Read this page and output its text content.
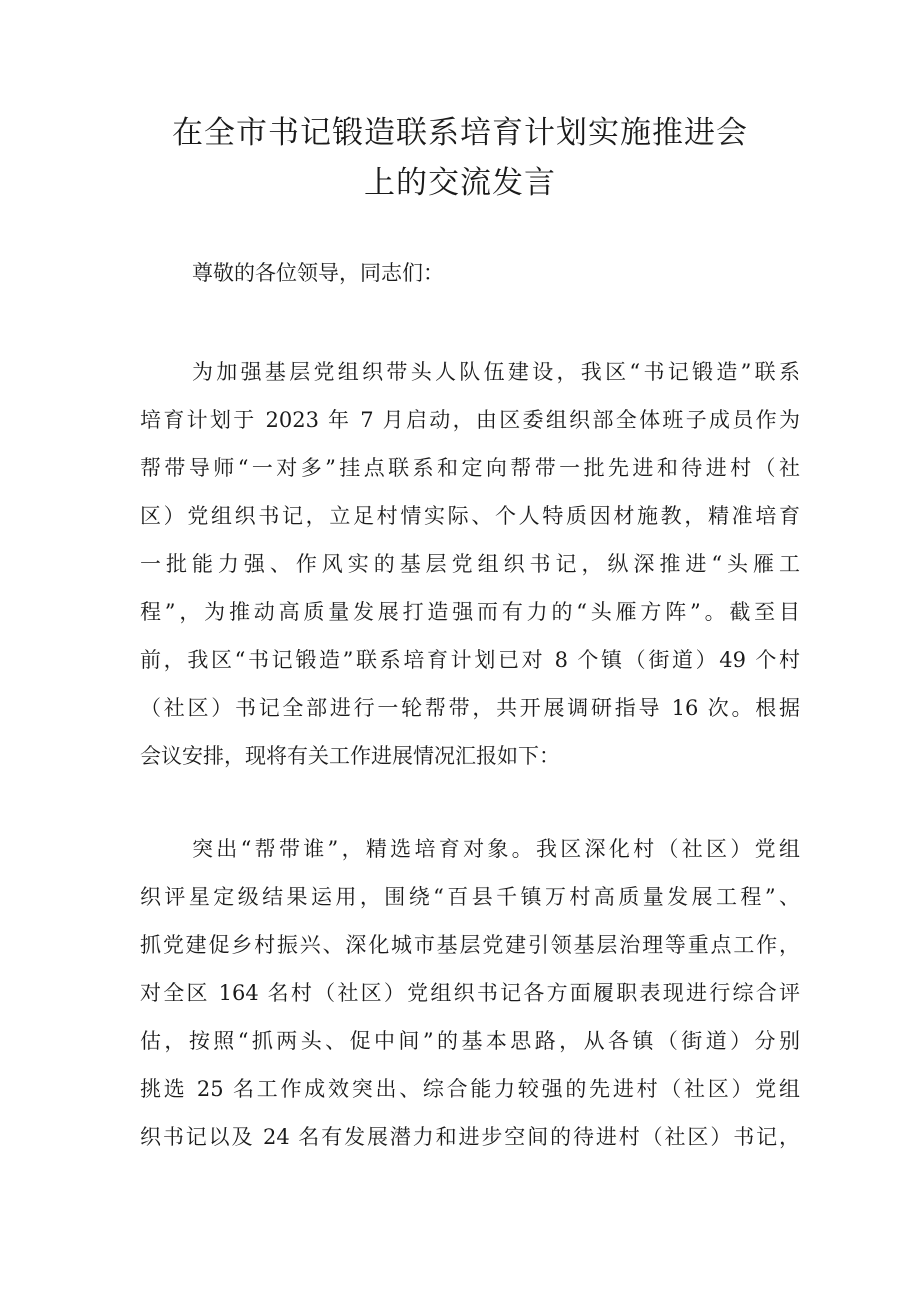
在全市书记锻造联系培育计划实施推进会
上的交流发言
尊敬的各位领导，同志们：
为加强基层党组织带头人队伍建设，我区“书记锻造”联系
培育计划于 2023 年 7 月启动，由区委组织部全体班子成员作为
帮带导师“一对多”挂点联系和定向帮带一批先进和待进村（社
区）党组织书记，立足村情实际、个人特质因材施教，精准培育
一批能力强、作风实的基层党组织书记，纵深推进“头雁工
程”，为推动高质量发展打造强而有力的“头雁方阵”。截至目
前，我区“书记锻造”联系培育计划已对 8 个镇（街道）49 个村
（社区）书记全部进行一轮帮带，共开展调研指导 16 次。根据
会议安排，现将有关工作进展情况汇报如下：
突出“帮带谁”，精选培育对象。我区深化村（社区）党组
织评星定级结果运用，围绕“百县千镇万村高质量发展工程”、
抓党建促乡村振兴、深化城市基层党建引领基层治理等重点工作，
对全区 164 名村（社区）党组织书记各方面履职表现进行综合评
估，按照“抓两头、促中间”的基本思路，从各镇（街道）分别
挑选 25 名工作成效突出、综合能力较强的先进村（社区）党组
织书记以及 24 名有发展潜力和进步空间的待进村（社区）书记，
